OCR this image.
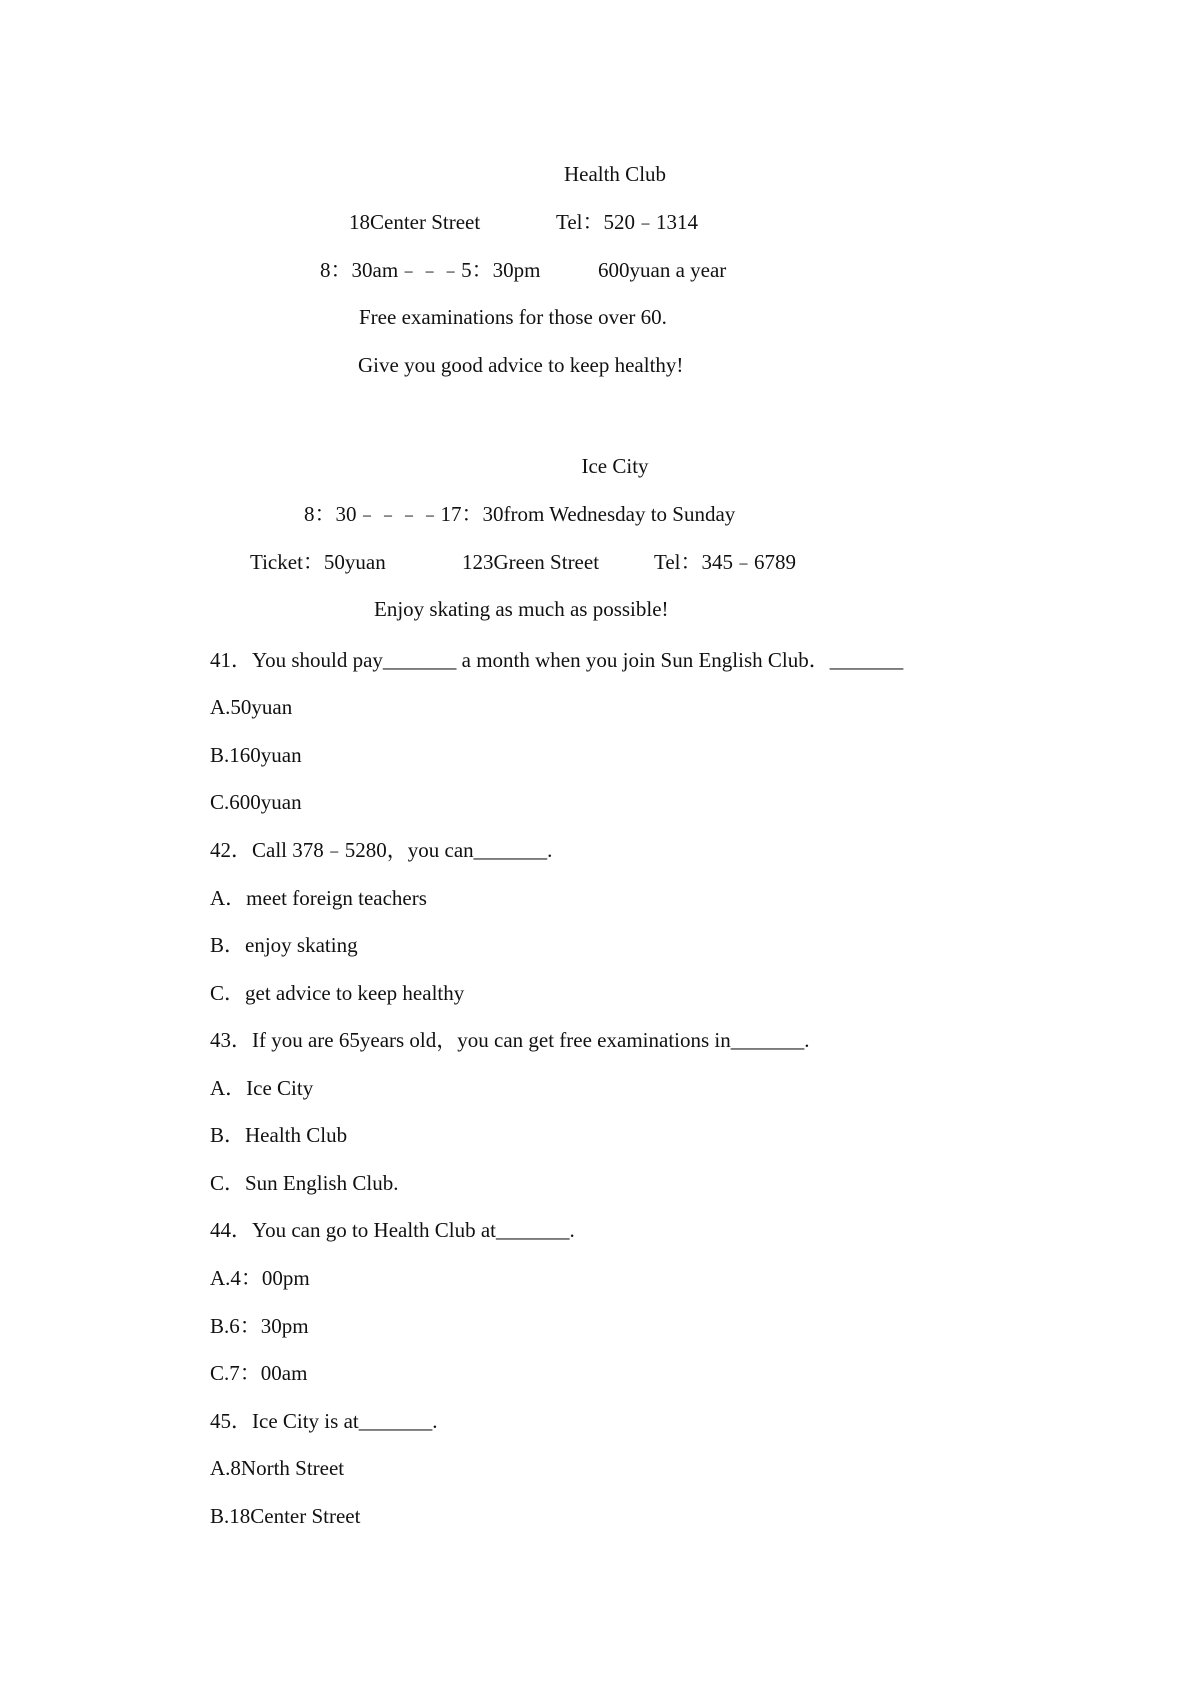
Health Club
18Center Street	Tel：520﹣1314
8：30am﹣﹣﹣5：30pm	600yuan a year
Free examinations for those over 60.
Give you good advice to keep healthy!
Ice City
8：30﹣﹣﹣﹣17：30from Wednesday to Sunday
Ticket：50yuan	123Green Street	Tel：345﹣6789
Enjoy skating as much as possible!
41．You should pay_______ a month when you join Sun English Club．_______
A.50yuan
B.160yuan
C.600yuan
42．Call 378﹣5280，you can_______.
A．meet foreign teachers
B．enjoy skating
C．get advice to keep healthy
43．If you are 65years old，you can get free examinations in_______.
A．Ice City
B．Health Club
C．Sun English Club.
44．You can go to Health Club at_______.
A.4：00pm
B.6：30pm
C.7：00am
45．Ice City is at_______.
A.8North Street
B.18Center Street
